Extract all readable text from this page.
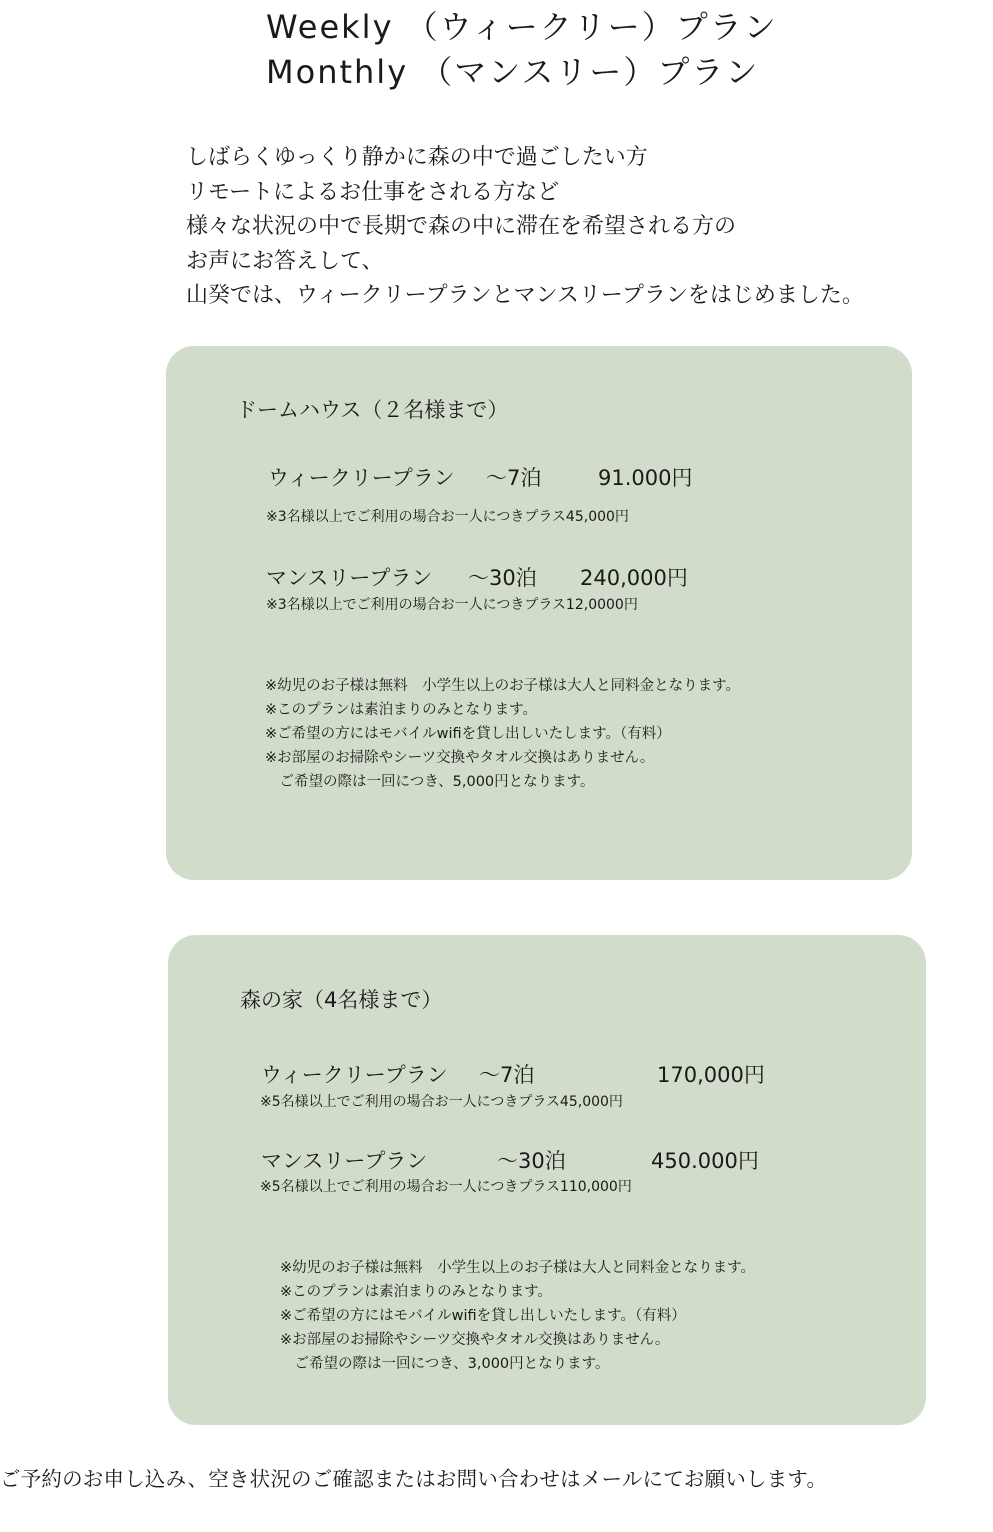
Weekly （ウィークリー）プラン
Monthly （マンスリー）プラン
しばらくゆっくり静かに森の中で過ごしたい方
リモートによるお仕事をされる方など
様々な状況の中で長期で森の中に滞在を希望される方の
お声にお答えして、
山癸では、ウィークリープランとマンスリープランをはじめました。
ドームハウス（２名様まで）
ウィークリープラン 〜7泊	91.000円
※3名様以上でご利用の場合お一人につきプラス45,000円
マンスリープラン 〜30泊 240,000円
※3名様以上でご利用の場合お一人につきプラス12,0000円
※幼児のお子様は無料　小学生以上のお子様は大人と同料金となります。
※このプランは素泊まりのみとなります。
※ご希望の方にはモバイルwifiを貸し出しいたします。（有料）
※お部屋のお掃除やシーツ交換やタオル交換はありません。
　ご希望の際は一回につき、5,000円となります。
森の家（4名様まで）
ウィークリープラン 〜7泊	170,000円
※5名様以上でご利用の場合お一人につきプラス45,000円
マンスリープラン	〜30泊	450.000円
※5名様以上でご利用の場合お一人につきプラス110,000円
※幼児のお子様は無料　小学生以上のお子様は大人と同料金となります。
※このプランは素泊まりのみとなります。
※ご希望の方にはモバイルwifiを貸し出しいたします。（有料）
※お部屋のお掃除やシーツ交換やタオル交換はありません。
　ご希望の際は一回につき、3,000円となります。
ご予約のお申し込み、空き状況のご確認またはお問い合わせはメールにてお願いします。
